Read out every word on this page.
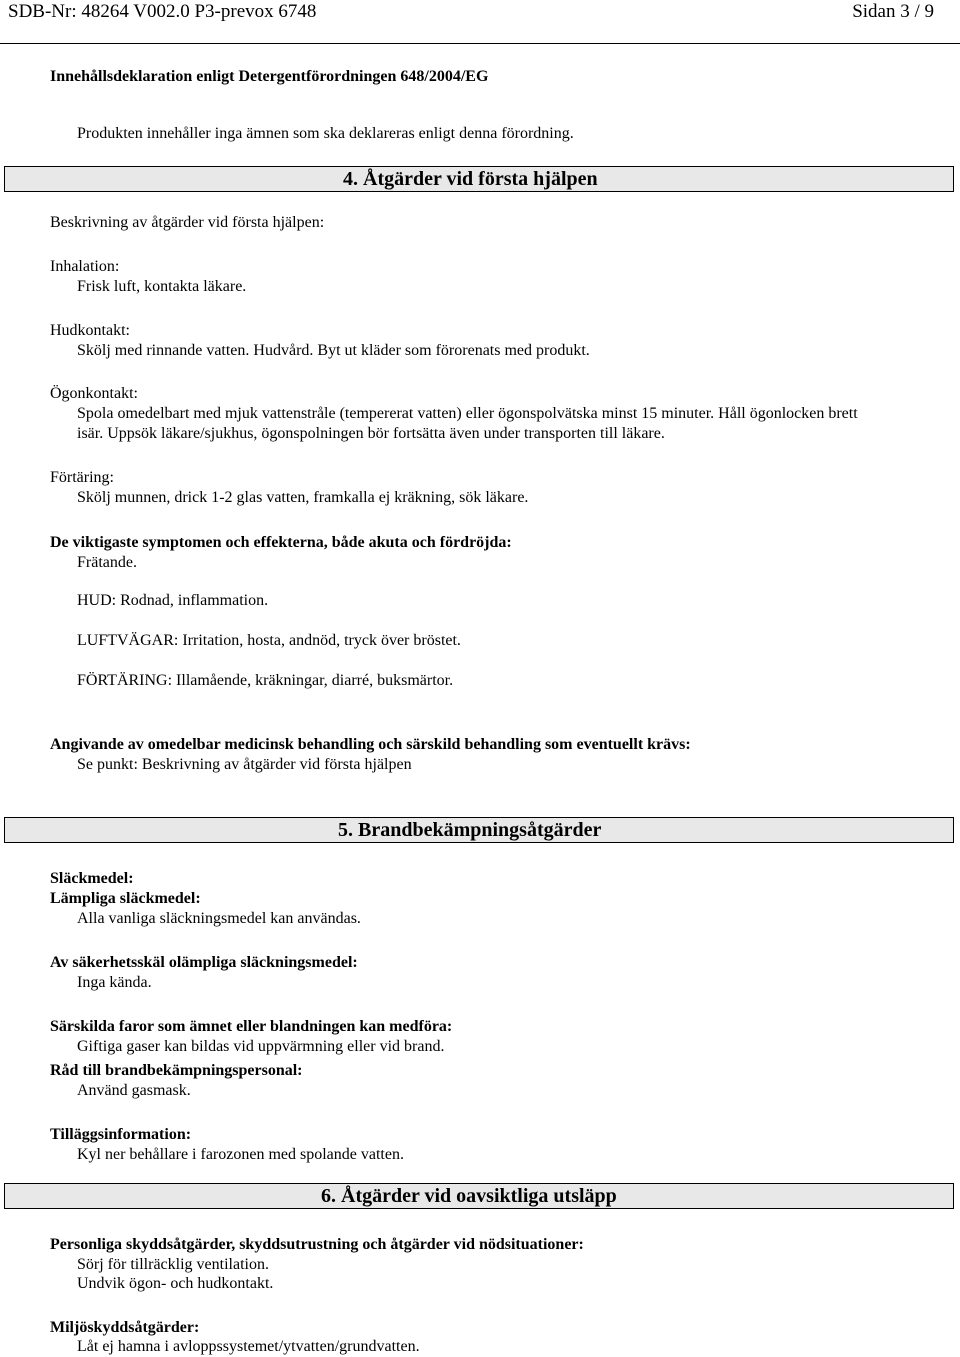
SDB-Nr: 48264 V002.0 P3-prevox 6748	Sidan 3 / 9
Innehållsdeklaration enligt Detergentförordningen 648/2004/EG
Produkten innehåller inga ämnen som ska deklareras enligt denna förordning.
4. Åtgärder vid första hjälpen
Beskrivning av åtgärder vid första hjälpen:
Inhalation:
Frisk luft, kontakta läkare.
Hudkontakt:
Skölj med rinnande vatten. Hudvård. Byt ut kläder som förorenats med produkt.
Ögonkontakt:
Spola omedelbart med mjuk vattenstråle (tempererat vatten) eller ögonspolvätska minst 15 minuter. Håll ögonlocken brett
isär. Uppsök läkare/sjukhus, ögonspolningen bör fortsätta även under transporten till läkare.
Förtäring:
Skölj munnen, drick 1-2 glas vatten, framkalla ej kräkning, sök läkare.
De viktigaste symptomen och effekterna, både akuta och fördröjda:
Frätande.
HUD: Rodnad, inflammation.
LUFTVÄGAR: Irritation, hosta, andnöd, tryck över bröstet.
FÖRTÄRING: Illamående, kräkningar, diarré, buksmärtor.
Angivande av omedelbar medicinsk behandling och särskild behandling som eventuellt krävs:
Se punkt: Beskrivning av åtgärder vid första hjälpen
5. Brandbekämpningsåtgärder
Släckmedel:
Lämpliga släckmedel:
Alla vanliga släckningsmedel kan användas.
Av säkerhetsskäl olämpliga släckningsmedel:
Inga kända.
Särskilda faror som ämnet eller blandningen kan medföra:
Giftiga gaser kan bildas vid uppvärmning eller vid brand.
Råd till brandbekämpningspersonal:
Använd gasmask.
Tilläggsinformation:
Kyl ner behållare i farozonen med spolande vatten.
6. Åtgärder vid oavsiktliga utsläpp
Personliga skyddsåtgärder, skyddsutrustning och åtgärder vid nödsituationer:
Sörj för tillräcklig ventilation.
Undvik ögon- och hudkontakt.
Miljöskyddsåtgärder:
Låt ej hamna i avloppssystemet/ytvatten/grundvatten.
